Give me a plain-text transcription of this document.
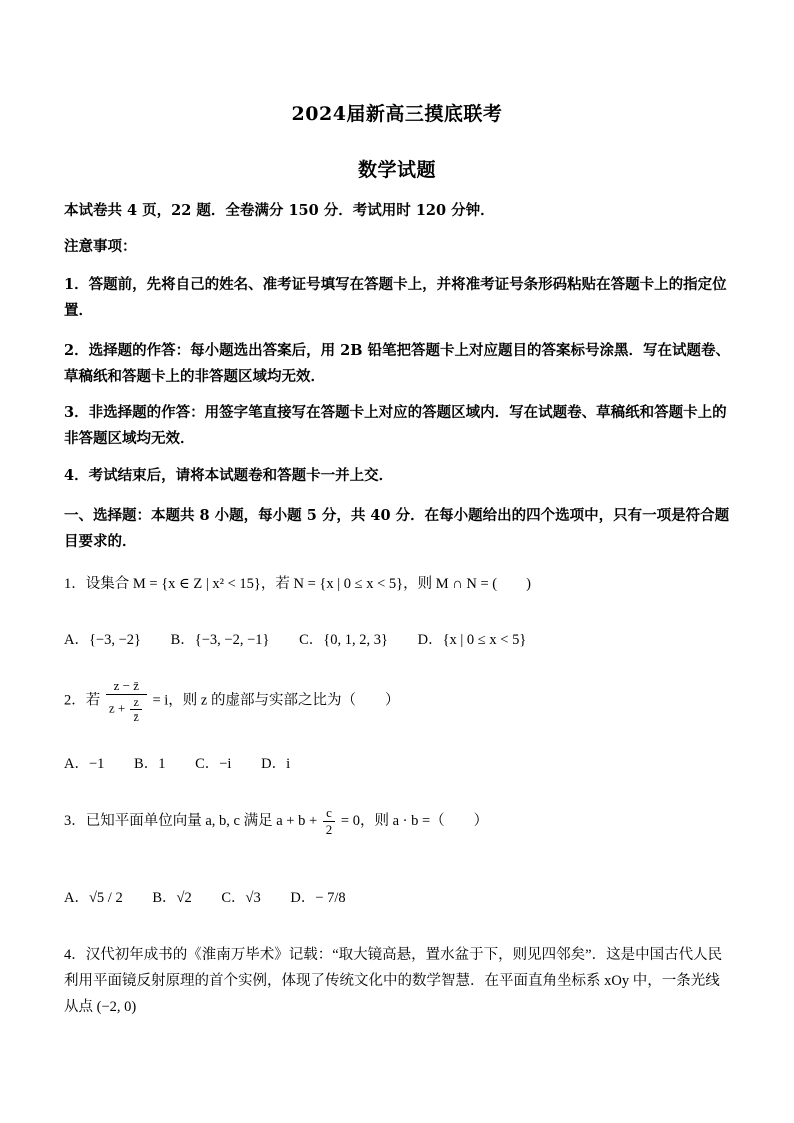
2024届新高三摸底联考
数学试题
本试卷共 4 页，22 题．全卷满分 150 分．考试用时 120 分钟．
注意事项：
1．答题前，先将自己的姓名、准考证号填写在答题卡上，并将准考证号条形码粘贴在答题卡上的指定位置．
2．选择题的作答：每小题选出答案后，用 2B 铅笔把答题卡上对应题目的答案标号涂黑．写在试题卷、草稿纸和答题卡上的非答题区域均无效．
3．非选择题的作答：用签字笔直接写在答题卡上对应的答题区域内．写在试题卷、草稿纸和答题卡上的非答题区域均无效．
4．考试结束后，请将本试题卷和答题卡一并上交．
一、选择题：本题共 8 小题，每小题 5 分，共 40 分．在每小题给出的四个选项中，只有一项是符合题目要求的．
1．设集合 M = {x ∈ Z | x² < 15}，若 N = {x | 0 ≤ x < 5}，则 M ∩ N = (　　)
A．{−3, −2} B．{−3, −2, −1} C．{0, 1, 2, 3} D．{x | 0 ≤ x < 5}
2．若 $\frac{z - z̄}{z + \frac{z}{z̄}} = i$，则 z 的虚部与实部之比为（　　）
A．−1 B．1 C．−i D．i
3．已知平面单位向量 a, b, c 满足 $a + b + \frac{c}{2} = 0$，则 a · b =（　　）
A．√5 / 2 B．√2 C．√3 D．− 7/8
4．汉代初年成书的《淮南万毕术》记载：“取大镜高悬，置水盆于下，则见四邻矣”．这是中国古代人民利用平面镜反射原理的首个实例，体现了传统文化中的数学智慧．在平面直角坐标系 xOy 中，一条光线从点 (−2, 0)
